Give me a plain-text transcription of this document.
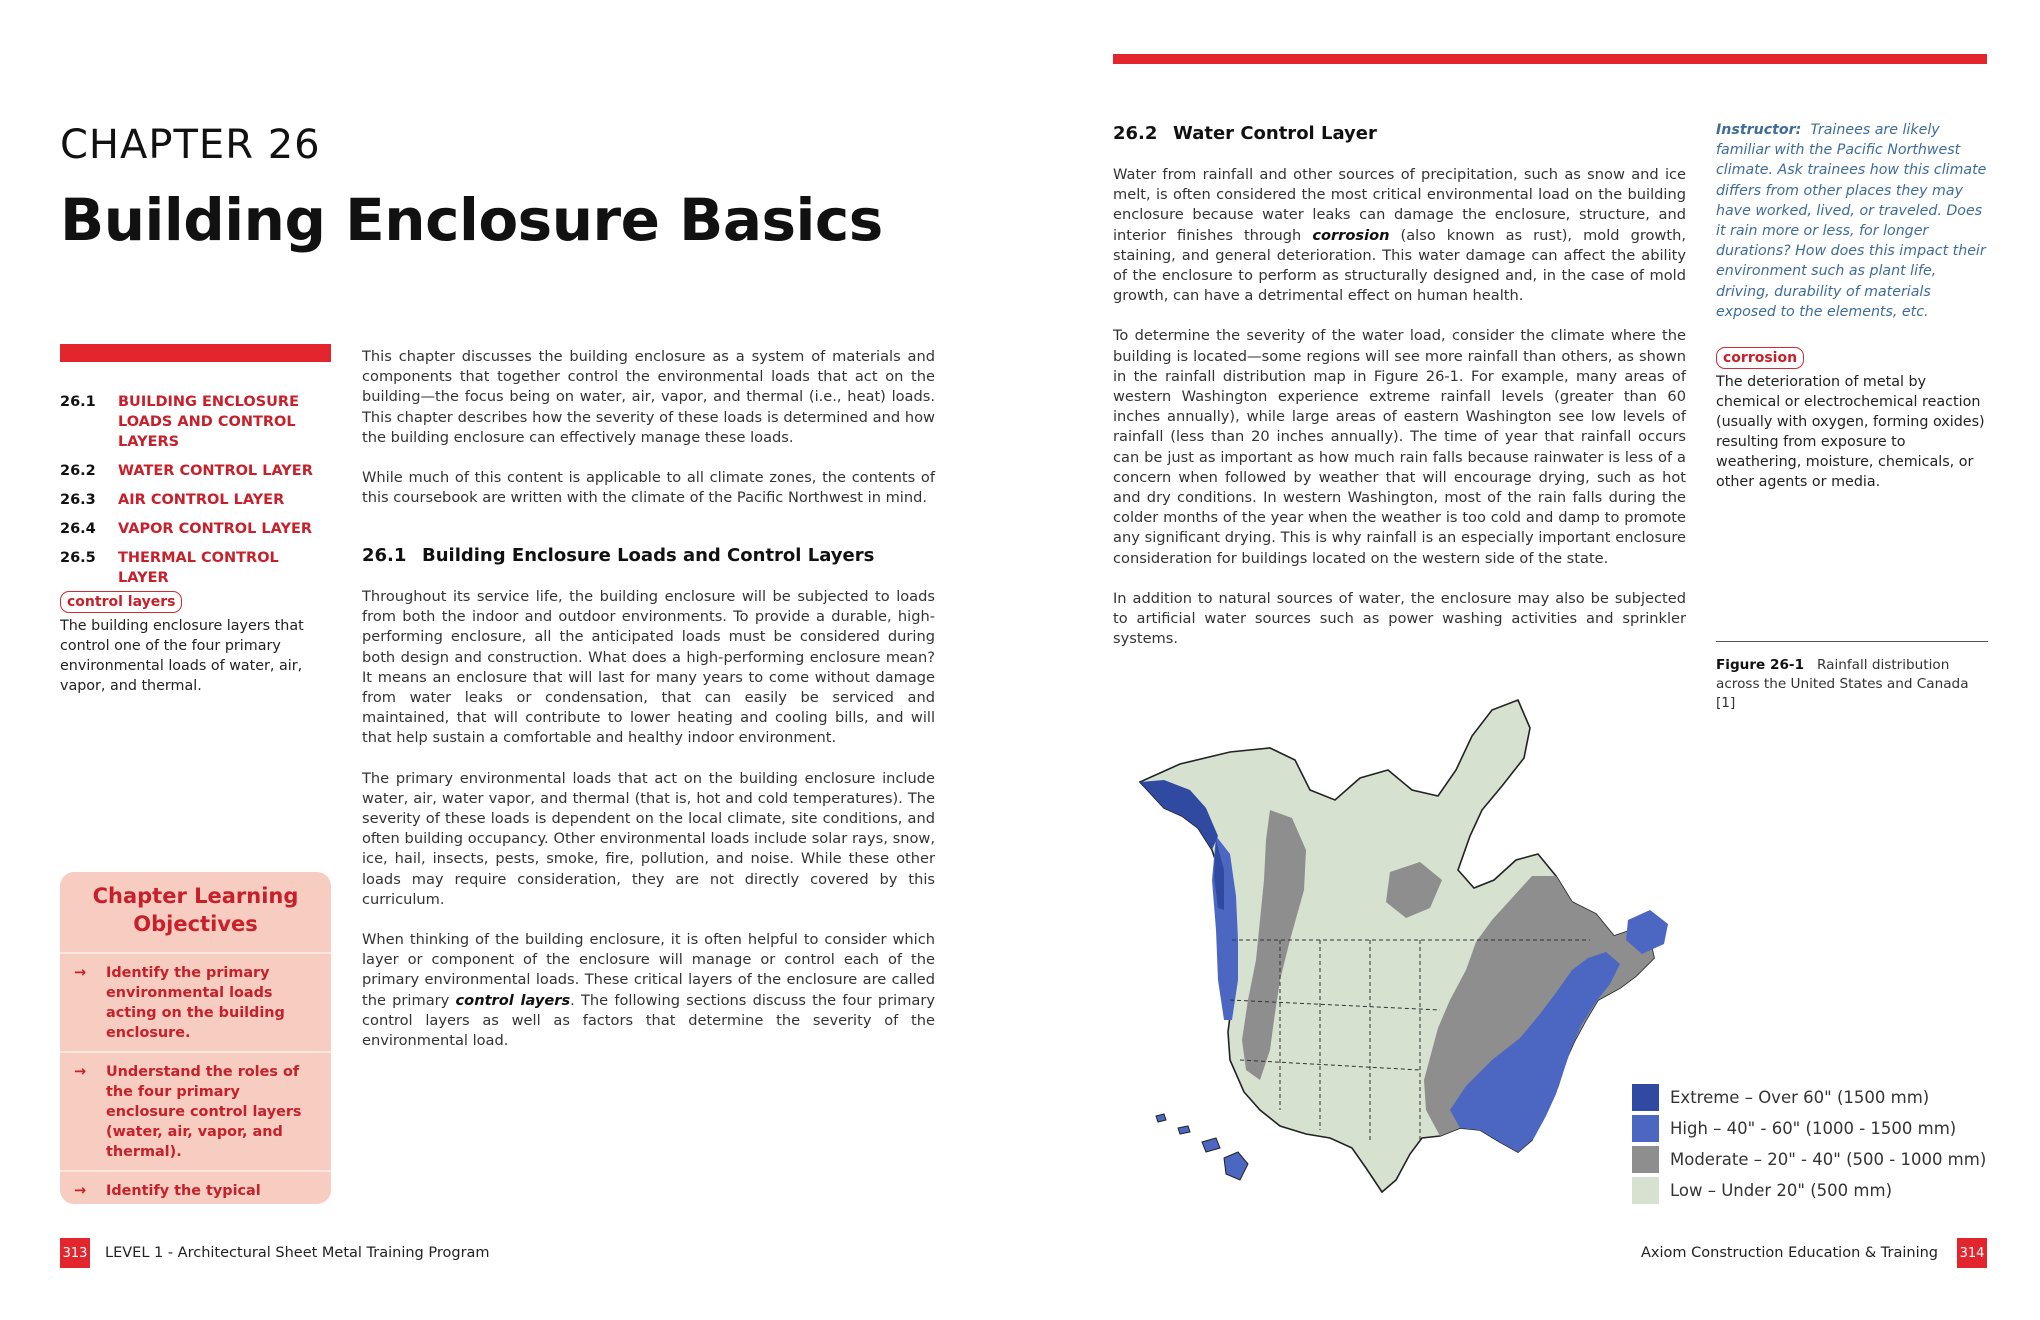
CHAPTER 26
Building Enclosure Basics
26.1	BUILDING ENCLOSURE LOADS AND CONTROL LAYERS
26.2	WATER CONTROL LAYER
26.3	AIR CONTROL LAYER
26.4	VAPOR CONTROL LAYER
26.5	THERMAL CONTROL LAYER
control layers
The building enclosure layers that control one of the four primary environmental loads of water, air, vapor, and thermal.

This chapter discusses the building enclosure as a system of materials and components that together control the environmental loads that act on the building—the focus being on water, air, vapor, and thermal (i.e., heat) loads. This chapter describes how the severity of these loads is determined and how the building enclosure can effectively manage these loads.

While much of this content is applicable to all climate zones, the contents of this coursebook are written with the climate of the Pacific Northwest in mind.

26.1 Building Enclosure Loads and Control Layers

Throughout its service life, the building enclosure will be subjected to loads from both the indoor and outdoor environments. To provide a durable, high-performing enclosure, all the anticipated loads must be considered during both design and construction. What does a high-performing enclosure mean? It means an enclosure that will last for many years to come without damage from water leaks or condensation, that can easily be serviced and maintained, that will contribute to lower heating and cooling bills, and will that help sustain a comfortable and healthy indoor environment.

The primary environmental loads that act on the building enclosure include water, air, water vapor, and thermal (that is, hot and cold temperatures). The severity of these loads is dependent on the local climate, site conditions, and often building occupancy. Other environmental loads include solar rays, snow, ice, hail, insects, pests, smoke, fire, pollution, and noise. While these other loads may require consideration, they are not directly covered by this curriculum.

When thinking of the building enclosure, it is often helpful to consider which layer or component of the enclosure will manage or control each of the primary environmental loads. These critical layers of the enclosure are called the primary control layers. The following sections discuss the four primary control layers as well as factors that determine the severity of the environmental load.

Chapter Learning Objectives
→	Identify the primary environmental loads acting on the building enclosure.
→	Understand the roles of the four primary enclosure control layers (water, air, vapor, and thermal).
→	Identify the typical
313 LEVEL 1 - Architectural Sheet Metal Training Program
26.2 Water Control Layer

Water from rainfall and other sources of precipitation, such as snow and ice melt, is often considered the most critical environmental load on the building enclosure because water leaks can damage the enclosure, structure, and interior finishes through corrosion (also known as rust), mold growth, staining, and general deterioration. This water damage can affect the ability of the enclosure to perform as structurally designed and, in the case of mold growth, can have a detrimental effect on human health.

To determine the severity of the water load, consider the climate where the building is located—some regions will see more rainfall than others, as shown in the rainfall distribution map in Figure 26-1. For example, many areas of western Washington experience extreme rainfall levels (greater than 60 inches annually), while large areas of eastern Washington see low levels of rainfall (less than 20 inches annually). The time of year that rainfall occurs can be just as important as how much rain falls because rainwater is less of a concern when followed by weather that will encourage drying, such as hot and dry conditions. In western Washington, most of the rain falls during the colder months of the year when the weather is too cold and damp to promote any significant drying. This is why rainfall is an especially important enclosure consideration for buildings located on the western side of the state.

In addition to natural sources of water, the enclosure may also be subjected to artificial water sources such as power washing activities and sprinkler systems.

Instructor: Trainees are likely familiar with the Pacific Northwest climate. Ask trainees how this climate differs from other places they may have worked, lived, or traveled. Does it rain more or less, for longer durations? How does this impact their environment such as plant life, driving, durability of materials exposed to the elements, etc.
corrosion
The deterioration of metal by chemical or electrochemical reaction (usually with oxygen, forming oxides) resulting from exposure to weathering, moisture, chemicals, or other agents or media.
Figure 26-1 Rainfall distribution across the United States and Canada [1]
Extreme – Over 60" (1500 mm)
High – 40" - 60" (1000 - 1500 mm)
Moderate – 20" - 40" (500 - 1000 mm)
Low – Under 20" (500 mm)
Axiom Construction Education & Training 314
